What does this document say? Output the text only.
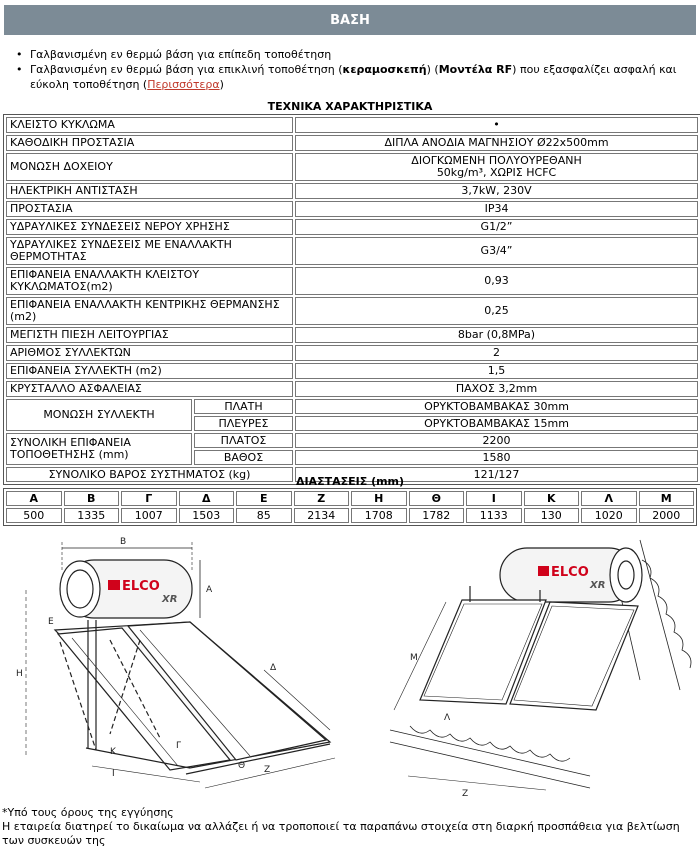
ΒΑΣΗ
• Γαλβανισμένη εν θερμώ βάση για επίπεδη τοποθέτηση
• Γαλβανισμένη εν θερμώ βάση για επικλινή τοποθέτηση (κεραμοσκεπή) (Μοντέλα RF) που εξασφαλίζει ασφαλή και εύκολη τοποθέτηση (Περισσότερα)
ΤΕΧΝΙΚΑ ΧΑΡΑΚΤΗΡΙΣΤΙΚΑ
ΚΛΕΙΣΤΟ ΚΥΚΛΩΜΑ		•
ΚΑΘΟΔΙΚΗ ΠΡΟΣΤΑΣΙΑ		ΔΙΠΛΑ ΑΝΟΔΙΑ ΜΑΓΝΗΣΙΟΥ Ø22x500mm
ΜΟΝΩΣΗ ΔΟΧΕΙΟΥ		ΔΙΟΓΚΩΜΕΝΗ ΠΟΛΥΟΥΡΕΘΑΝΗ
50kg/m³, ΧΩΡΙΣ HCFC

ΗΛΕΚΤΡΙΚΗ ΑΝΤΙΣΤΑΣΗ		3,7kW, 230V
ΠΡΟΣΤΑΣΙΑ		IP34
ΥΔΡΑΥΛΙΚΕΣ ΣΥΝΔΕΣΕΙΣ ΝΕΡΟΥ ΧΡΗΣΗΣ		G1/2”
ΥΔΡΑΥΛΙΚΕΣ ΣΥΝΔΕΣΕΙΣ ΜΕ ΕΝΑΛΛΑΚΤΗ ΘΕΡΜΟΤΗΤΑΣ		G3/4”
ΕΠΙΦΑΝΕΙΑ ΕΝΑΛΛΑΚΤΗ ΚΛΕΙΣΤΟΥ ΚΥΚΛΩΜΑΤΟΣ(m2)		0,93
ΕΠΙΦΑΝΕΙΑ ΕΝΑΛΛΑΚΤΗ ΚΕΝΤΡΙΚΗΣ ΘΕΡΜΑΝΣΗΣ (m2)		0,25
ΜΕΓΙΣΤΗ ΠΙΕΣΗ ΛΕΙΤΟΥΡΓΙΑΣ		8bar (0,8MPa)
ΑΡΙΘΜΟΣ ΣΥΛΛΕΚΤΩΝ		2
ΕΠΙΦΑΝΕΙΑ ΣΥΛΛΕΚΤΗ (m2)		1,5
ΚΡΥΣΤΑΛΛΟ ΑΣΦΑΛΕΙΑΣ		ΠΑΧΟΣ 3,2mm
ΜΟΝΩΣΗ ΣΥΛΛΕΚΤΗ	ΠΛΑΤΗ	ΟΡΥΚΤΟΒΑΜΒΑΚΑΣ 30mm
	ΠΛΕΥΡΕΣ	ΟΡΥΚΤΟΒΑΜΒΑΚΑΣ 15mm
ΣΥΝΟΛΙΚΗ ΕΠΙΦΑΝΕΙΑ ΤΟΠΟΘΕΤΗΣΗΣ (mm)	ΠΛΑΤΟΣ	2200
	ΒΑΘΟΣ	1580
ΣΥΝΟΛΙΚΟ ΒΑΡΟΣ ΣΥΣΤΗΜΑΤΟΣ (kg)		121/127
ΔΙΑΣΤΑΣΕΙΣ (mm)
Α	Β	Γ	Δ	Ε	Ζ	Η	Θ	Ι	Κ	Λ	Μ
500	1335	1007	1503	85	2134	1708	1782	1133	130	1020	2000
ELCO
XR
Β
Α
Ε
Η
Δ
Γ
Κ
Ι
Θ Ζ
ELCO
XR
Λ
Μ
Ζ
*Υπό τους όρους της εγγύησης
Η εταιρεία διατηρεί το δικαίωμα να αλλάζει ή να τροποποιεί τα παραπάνω στοιχεία στη διαρκή προσπάθεια για βελτίωση των συσκευών της
